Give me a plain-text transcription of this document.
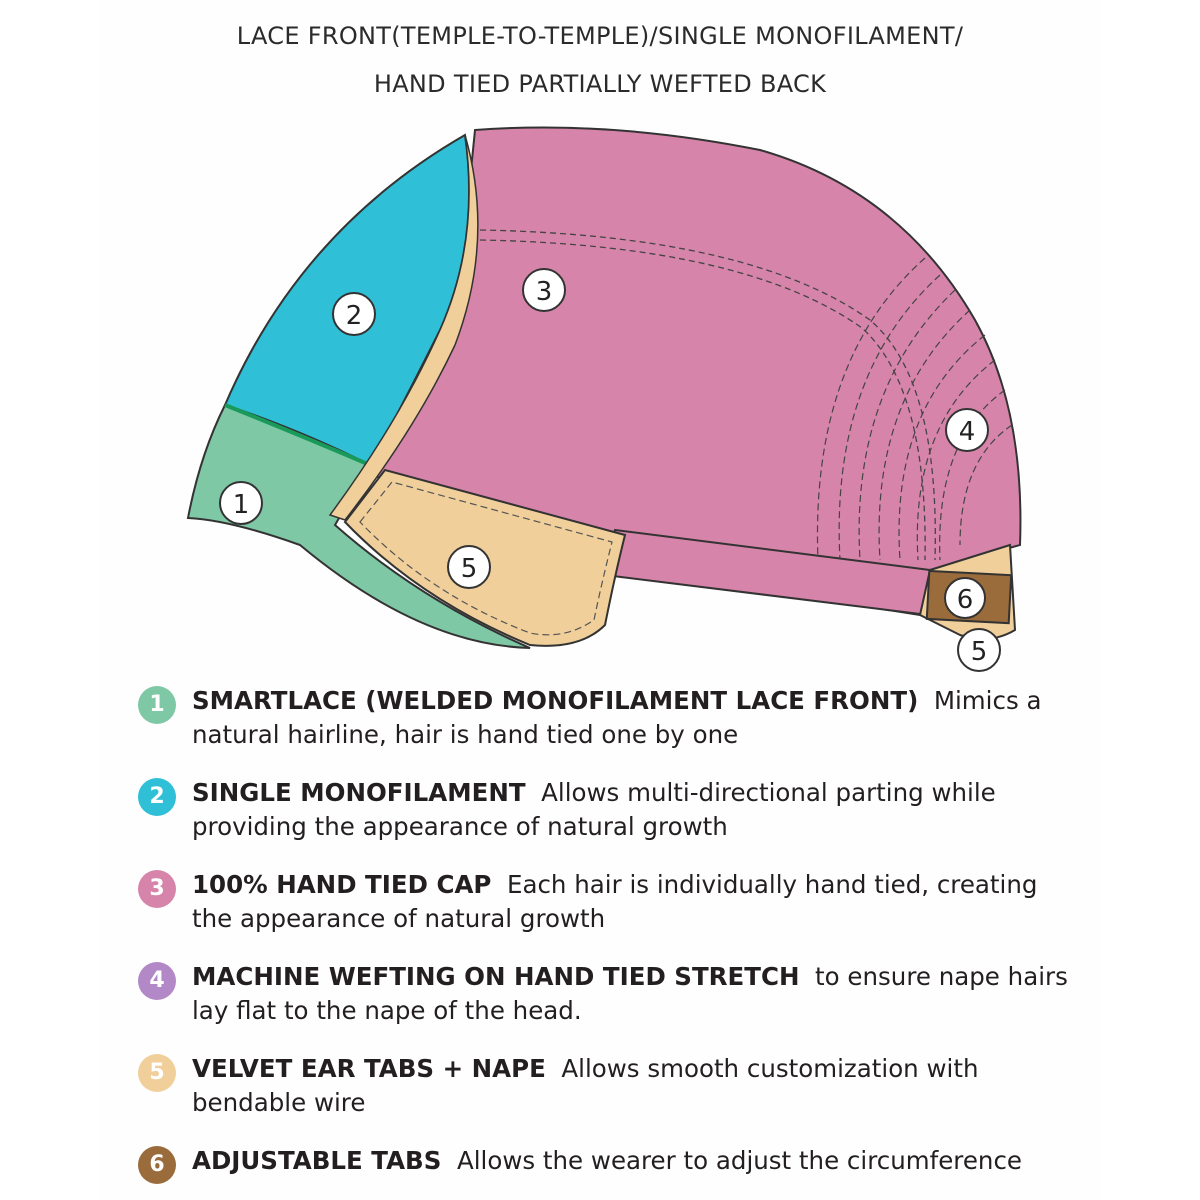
LACE FRONT(TEMPLE-TO-TEMPLE)/SINGLE MONOFILAMENT/
HAND TIED PARTIALLY WEFTED BACK
1
2
3
4
5
5
6
1	SMARTLACE (WELDED MONOFILAMENT LACE FRONT) Mimics a natural hairline, hair is hand tied one by one
2	SINGLE MONOFILAMENT Allows multi-directional parting while providing the appearance of natural growth
3	100% HAND TIED CAP Each hair is individually hand tied, creating the appearance of natural growth
4	MACHINE WEFTING ON HAND TIED STRETCH to ensure nape hairs lay flat to the nape of the head.
5	VELVET EAR TABS + NAPE Allows smooth customization with bendable wire
6	ADJUSTABLE TABS Allows the wearer to adjust the circumference
